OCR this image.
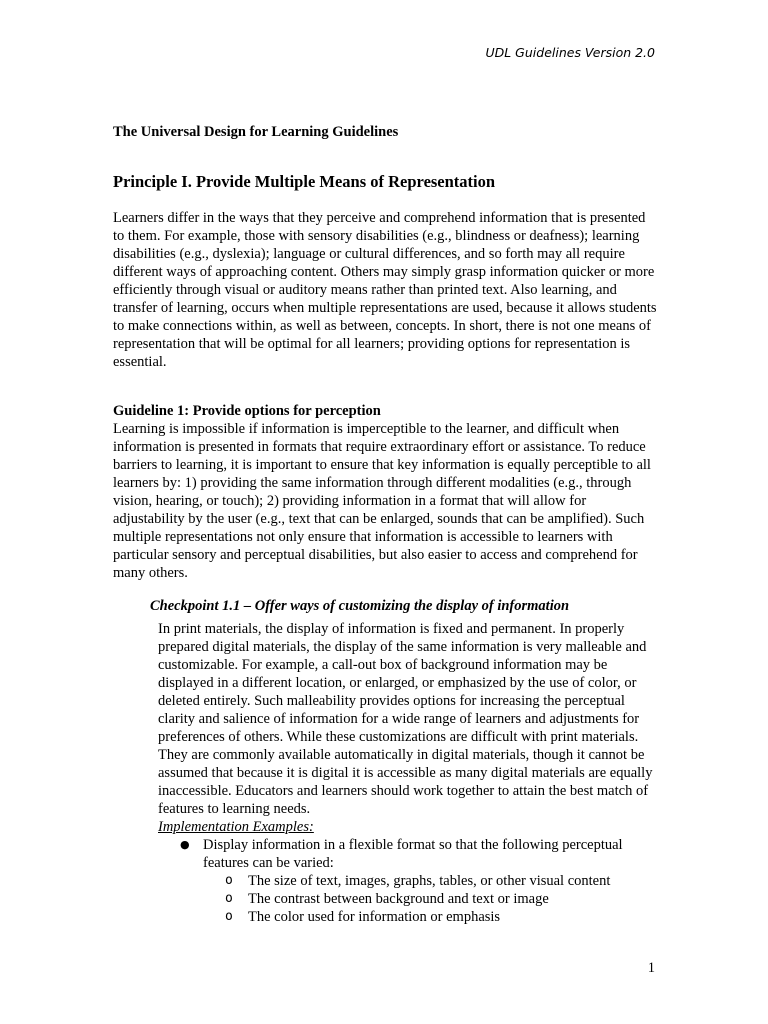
UDL Guidelines Version 2.0
The Universal Design for Learning Guidelines
Principle I. Provide Multiple Means of Representation
Learners differ in the ways that they perceive and comprehend information that is presented to them. For example, those with sensory disabilities (e.g., blindness or deafness); learning disabilities (e.g., dyslexia); language or cultural differences, and so forth may all require different ways of approaching content. Others may simply grasp information quicker or more efficiently through visual or auditory means rather than printed text. Also learning, and transfer of learning, occurs when multiple representations are used, because it allows students to make connections within, as well as between, concepts. In short, there is not one means of representation that will be optimal for all learners; providing options for representation is essential.
Guideline 1: Provide options for perception
Learning is impossible if information is imperceptible to the learner, and difficult when information is presented in formats that require extraordinary effort or assistance. To reduce barriers to learning, it is important to ensure that key information is equally perceptible to all learners by: 1) providing the same information through different modalities (e.g., through vision, hearing, or touch); 2) providing information in a format that will allow for adjustability by the user (e.g., text that can be enlarged, sounds that can be amplified). Such multiple representations not only ensure that information is accessible to learners with particular sensory and perceptual disabilities, but also easier to access and comprehend for many others.
Checkpoint 1.1 – Offer ways of customizing the display of information
In print materials, the display of information is fixed and permanent. In properly prepared digital materials, the display of the same information is very malleable and customizable. For example, a call-out box of background information may be displayed in a different location, or enlarged, or emphasized by the use of color, or deleted entirely. Such malleability provides options for increasing the perceptual clarity and salience of information for a wide range of learners and adjustments for preferences of others. While these customizations are difficult with print materials. They are commonly available automatically in digital materials, though it cannot be assumed that because it is digital it is accessible as many digital materials are equally inaccessible. Educators and learners should work together to attain the best match of features to learning needs.
Implementation Examples:
● Display information in a flexible format so that the following perceptual features can be varied:
o The size of text, images, graphs, tables, or other visual content
o The contrast between background and text or image
o The color used for information or emphasis
1
